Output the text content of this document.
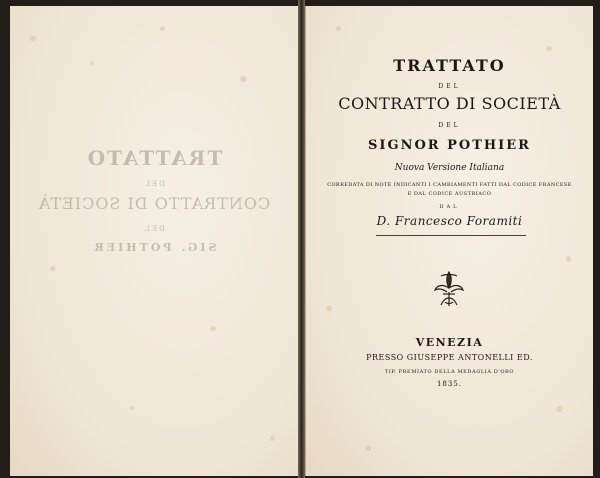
TRATTATO
DEL
CONTRATTO DI SOCIETÀ
DEL
SIG. POTHIER
TRATTATO
DEL
CONTRATTO DI SOCIETÀ
DEL
SIGNOR POTHIER
Nuova Versione Italiana
CORREDATA DI NOTE INDICANTI I CAMBIAMENTI FATTI DAL CODICE FRANCESE
E DAL CODICE AUSTRIACO
DAL
D. Francesco Foramiti
VENEZIA
PRESSO GIUSEPPE ANTONELLI ED.
TIP. PREMIATO DELLA MEDAGLIA D'ORO
1835.
